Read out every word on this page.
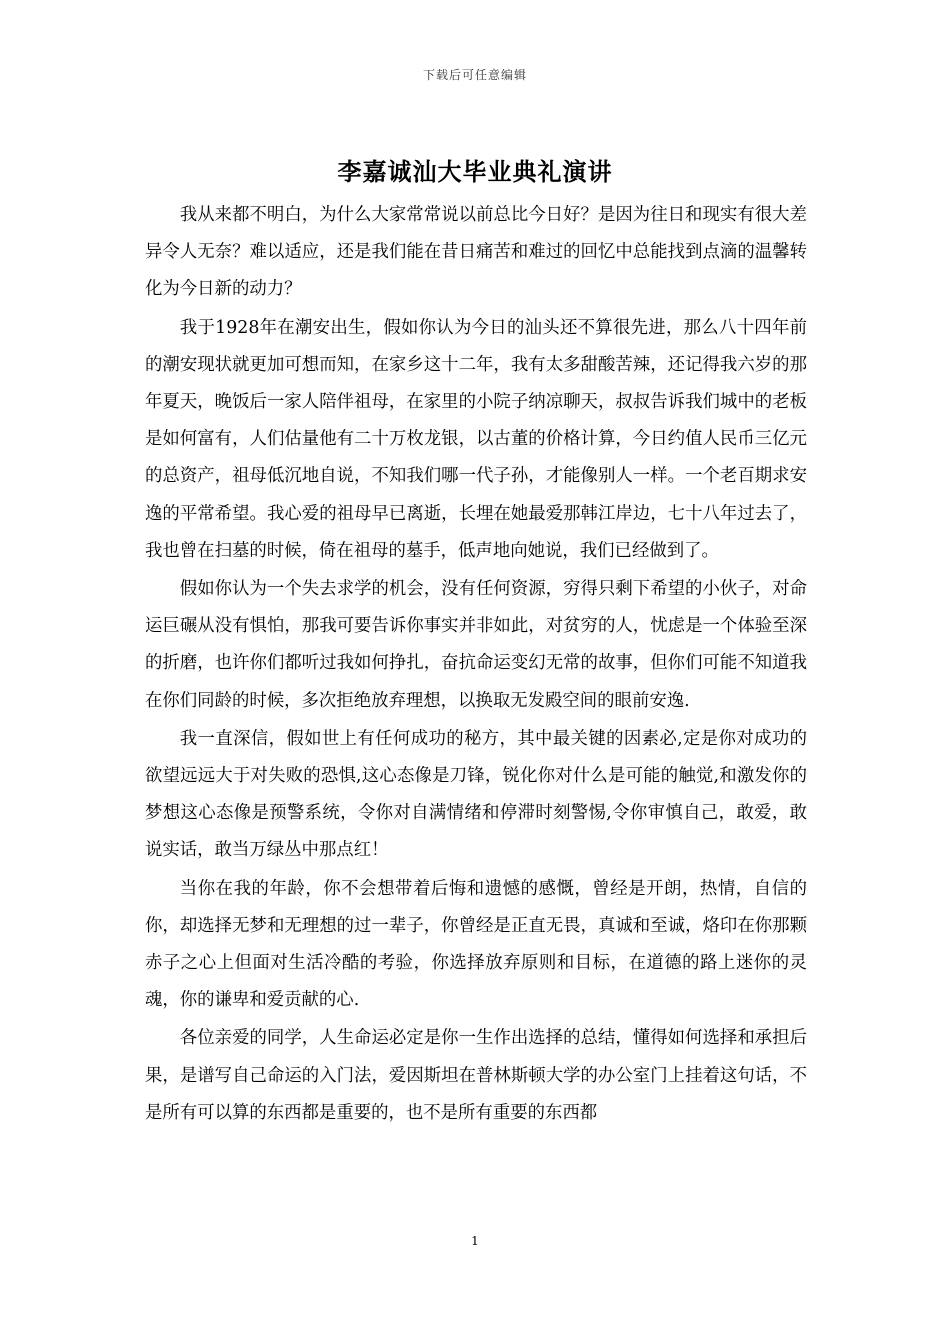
下载后可任意编辑
李嘉诚汕大毕业典礼演讲

我从来都不明白，为什么大家常常说以前总比今日好？是因为往日和现实有很大差异令人无奈？难以适应，还是我们能在昔日痛苦和难过的回忆中总能找到点滴的温馨转化为今日新的动力？

我于1928年在潮安出生，假如你认为今日的汕头还不算很先进，那么八十四年前的潮安现状就更加可想而知，在家乡这十二年，我有太多甜酸苦辣，还记得我六岁的那年夏天，晚饭后一家人陪伴祖母，在家里的小院子纳凉聊天，叔叔告诉我们城中的老板是如何富有，人们估量他有二十万枚龙银，以古董的价格计算，今日约值人民币三亿元的总资产，祖母低沉地自说，不知我们哪一代子孙，才能像别人一样。一个老百期求安逸的平常希望。我心爱的祖母早已离逝，长埋在她最爱那韩江岸边，七十八年过去了，我也曾在扫墓的时候，倚在祖母的墓手，低声地向她说，我们已经做到了。

假如你认为一个失去求学的机会，没有任何资源，穷得只剩下希望的小伙子，对命运巨碾从没有惧怕，那我可要告诉你事实并非如此，对贫穷的人，忧虑是一个体验至深的折磨，也许你们都听过我如何挣扎，奋抗命运变幻无常的故事，但你们可能不知道我在你们同龄的时候，多次拒绝放弃理想，以换取无发殿空间的眼前安逸.

我一直深信，假如世上有任何成功的秘方，其中最关键的因素必,定是你对成功的欲望远远大于对失败的恐惧,这心态像是刀锋，锐化你对什么是可能的触觉,和激发你的梦想这心态像是预警系统，令你对自满情绪和停滞时刻警惕,令你审慎自己，敢爱，敢说实话，敢当万绿丛中那点红！

当你在我的年龄，你不会想带着后悔和遗憾的感慨，曾经是开朗，热情，自信的你，却选择无梦和无理想的过一辈子，你曾经是正直无畏，真诚和至诚，烙印在你那颗赤子之心上但面对生活冷酷的考验，你选择放弃原则和目标，在道德的路上迷你的灵魂，你的谦卑和爱贡献的心.

各位亲爱的同学，人生命运必定是你一生作出选择的总结，懂得如何选择和承担后果，是谱写自己命运的入门法，爱因斯坦在普林斯顿大学的办公室门上挂着这句话，不是所有可以算的东西都是重要的，也不是所有重要的东西都

1
